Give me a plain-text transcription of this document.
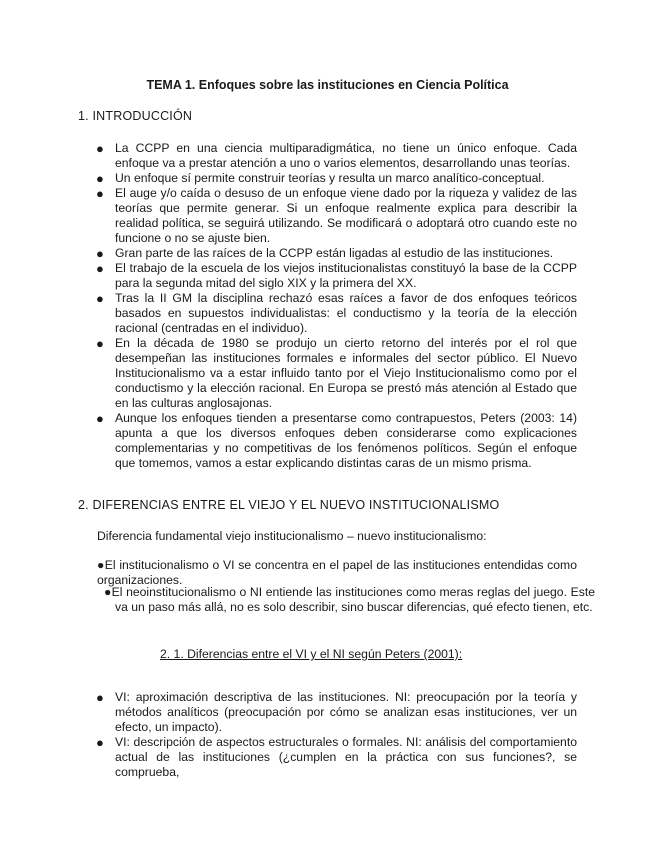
TEMA 1. Enfoques sobre las instituciones en Ciencia Política
1. INTRODUCCIÓN
● La CCPP en una ciencia multiparadigmática, no tiene un único enfoque. Cada enfoque va a prestar atención a uno o varios elementos, desarrollando unas teorías.
● Un enfoque sí permite construir teorías y resulta un marco analítico-conceptual.
● El auge y/o caída o desuso de un enfoque viene dado por la riqueza y validez de las teorías que permite generar. Si un enfoque realmente explica para describir la realidad política, se seguirá utilizando. Se modificará o adoptará otro cuando este no funcione o no se ajuste bien.
● Gran parte de las raíces de la CCPP están ligadas al estudio de las instituciones.
● El trabajo de la escuela de los viejos institucionalistas constituyó la base de la CCPP para la segunda mitad del siglo XIX y la primera del XX.
● Tras la II GM la disciplina rechazó esas raíces a favor de dos enfoques teóricos basados en supuestos individualistas: el conductismo y la teoría de la elección racional (centradas en el individuo).
● En la década de 1980 se produjo un cierto retorno del interés por el rol que desempeñan las instituciones formales e informales del sector público. El Nuevo Institucionalismo va a estar influido tanto por el Viejo Institucionalismo como por el conductismo y la elección racional. En Europa se prestó más atención al Estado que en las culturas anglosajonas.
● Aunque los enfoques tienden a presentarse como contrapuestos, Peters (2003: 14) apunta a que los diversos enfoques deben considerarse como explicaciones complementarias y no competitivas de los fenómenos políticos. Según el enfoque que tomemos, vamos a estar explicando distintas caras de un mismo prisma.
2. DIFERENCIAS ENTRE EL VIEJO Y EL NUEVO INSTITUCIONALISMO
Diferencia fundamental viejo institucionalismo – nuevo institucionalismo:
●El institucionalismo o VI se concentra en el papel de las instituciones entendidas como organizaciones.
●El neoinstitucionalismo o NI entiende las instituciones como meras reglas del juego. Este va un paso más allá, no es solo describir, sino buscar diferencias, qué efecto tienen, etc.
2. 1. Diferencias entre el VI y el NI según Peters (2001):
● VI: aproximación descriptiva de las instituciones. NI: preocupación por la teoría y métodos analíticos (preocupación por cómo se analizan esas instituciones, ver un efecto, un impacto).
● VI: descripción de aspectos estructurales o formales. NI: análisis del comportamiento actual de las instituciones (¿cumplen en la práctica con sus funciones?, se comprueba,
